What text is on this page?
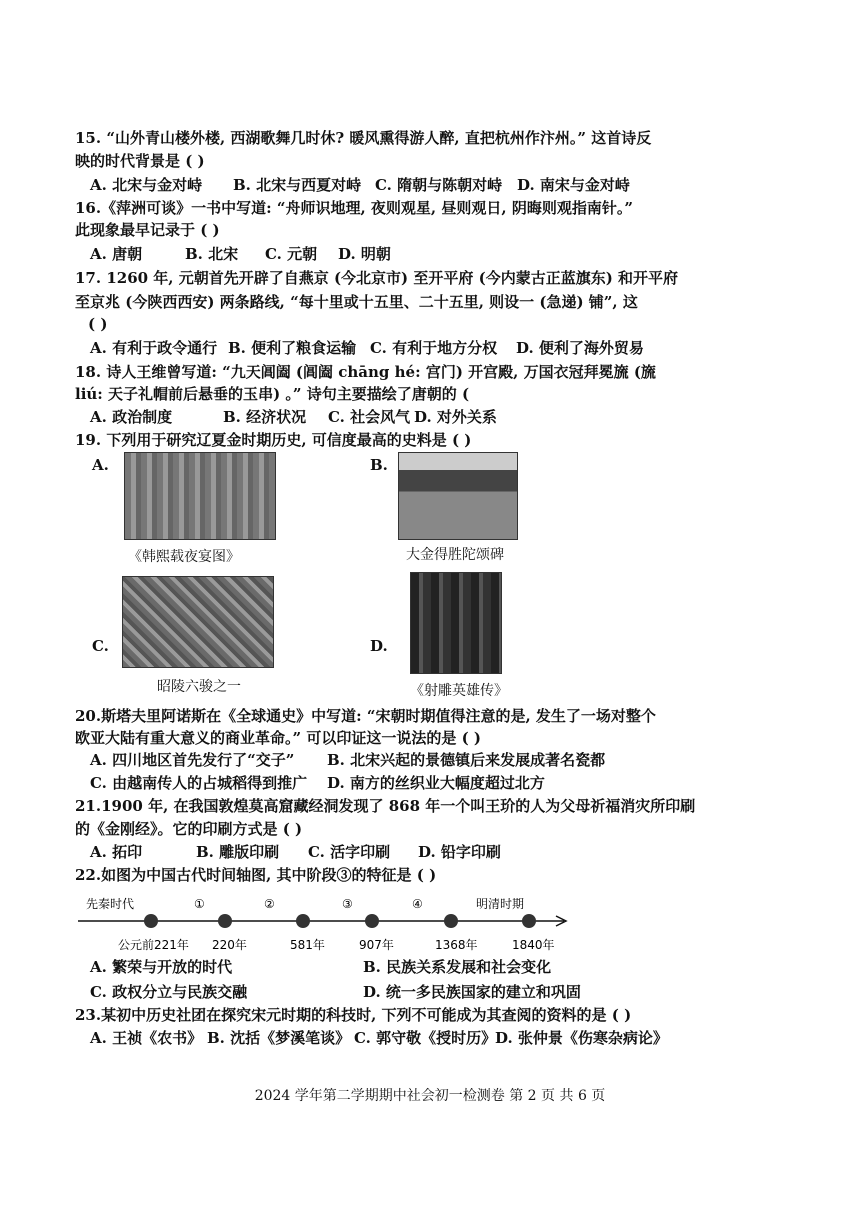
15. “山外青山楼外楼, 西湖歌舞几时休? 暖风熏得游人醉, 直把杭州作汴州。” 这首诗反
映的时代背景是 ( )
A. 北宋与金对峙 B. 北宋与西夏对峙 C. 隋朝与陈朝对峙 D. 南宋与金对峙
16.《萍洲可谈》一书中写道: “舟师识地理, 夜则观星, 昼则观日, 阴晦则观指南针。”
此现象最早记录于 ( )
A. 唐朝	B. 北宋 C. 元朝 D. 明朝
17. 1260 年, 元朝首先开辟了自燕京 (今北京市) 至开平府 (今内蒙古正蓝旗东) 和开平府
至京兆 (今陕西西安) 两条路线, “每十里或十五里、二十五里, 则设一 (急递) 铺”, 这
( )
A. 有利于政令通行 B. 便利了粮食运输 C. 有利于地方分权 D. 便利了海外贸易
18. 诗人王维曾写道: “九天阊阖 (阊阖 chāng hé: 宫门) 开宫殿, 万国衣冠拜冕旒 (旒
liú: 天子礼帽前后悬垂的玉串) 。” 诗句主要描绘了唐朝的 (
A. 政治制度	B. 经济状况 C. 社会风气 D. 对外关系
19. 下列用于研究辽夏金时期历史, 可信度最高的史料是 ( )
A.
《韩熙载夜宴图》
B.
大金得胜陀颂碑
C.
昭陵六骏之一
D.
《射雕英雄传》
20.斯塔夫里阿诺斯在《全球通史》中写道: “宋朝时期值得注意的是, 发生了一场对整个
欧亚大陆有重大意义的商业革命。” 可以印证这一说法的是 ( )
A. 四川地区首先发行了“交子” B. 北宋兴起的景德镇后来发展成著名瓷都
C. 由越南传人的占城稻得到推广 D. 南方的丝织业大幅度超过北方
21.1900 年, 在我国敦煌莫高窟藏经洞发现了 868 年一个叫王玠的人为父母祈福消灾所印刷
的《金刚经》。它的印刷方式是 ( )
A. 拓印	B. 雕版印刷 C. 活字印刷 D. 铅字印刷
22.如图为中国古代时间轴图, 其中阶段③的特征是 ( )
先秦时代	①	②	③	④	明清时期
公元前221年 220年	581年	907年	1368年	1840年
A. 繁荣与开放的时代	B. 民族关系发展和社会变化
C. 政权分立与民族交融	D. 统一多民族国家的建立和巩固
23.某初中历史社团在探究宋元时期的科技时, 下列不可能成为其查阅的资料的是 ( )
A. 王祯《农书》 B. 沈括《梦溪笔谈》 C. 郭守敬《授时历》
D. 张仲景《伤寒杂病论》
2024 学年第二学期期中社会初一检测卷 第 2 页 共 6 页
